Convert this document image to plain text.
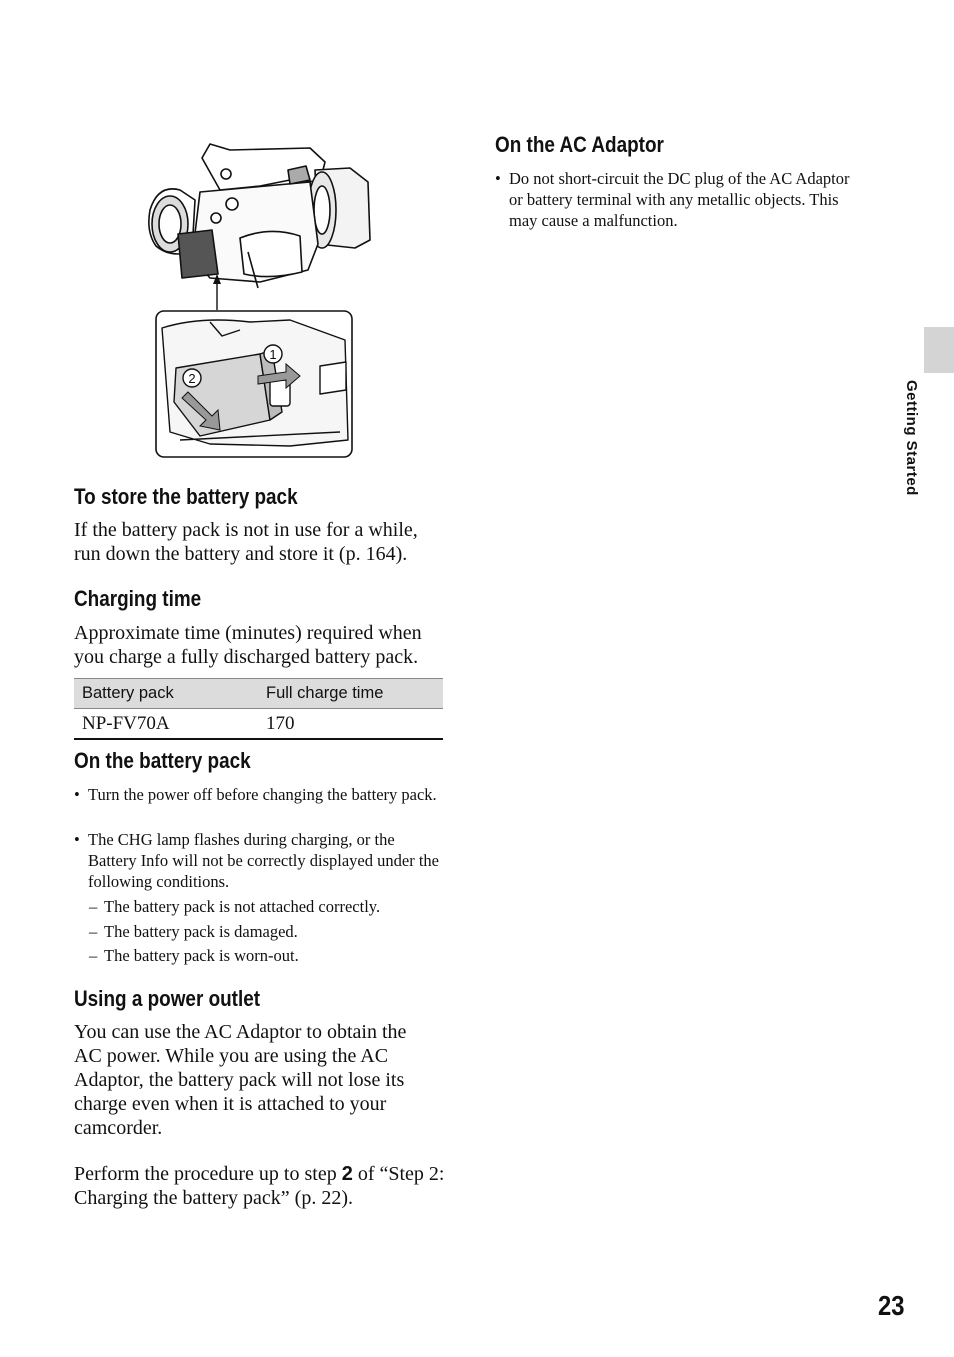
1
2
To store the battery pack

If the battery pack is not in use for a while, run down the battery and store it (p. 164).

Charging time

Approximate time (minutes) required when you charge a fully discharged battery pack.

Battery pack	Full charge time
NP-FV70A	170
On the battery pack
• Turn the power off before changing the battery pack.
• The CHG lamp flashes during charging, or the Battery Info will not be correctly displayed under the following conditions.
– The battery pack is not attached correctly.
– The battery pack is damaged.
– The battery pack is worn-out.
Using a power outlet

You can use the AC Adaptor to obtain the AC power. While you are using the AC Adaptor, the battery pack will not lose its charge even when it is attached to your camcorder.

Perform the procedure up to step 2 of “Step 2: Charging the battery pack” (p. 22).

On the AC Adaptor
• Do not short-circuit the DC plug of the AC Adaptor or battery terminal with any metallic objects. This may cause a malfunction.
Getting Started
23
